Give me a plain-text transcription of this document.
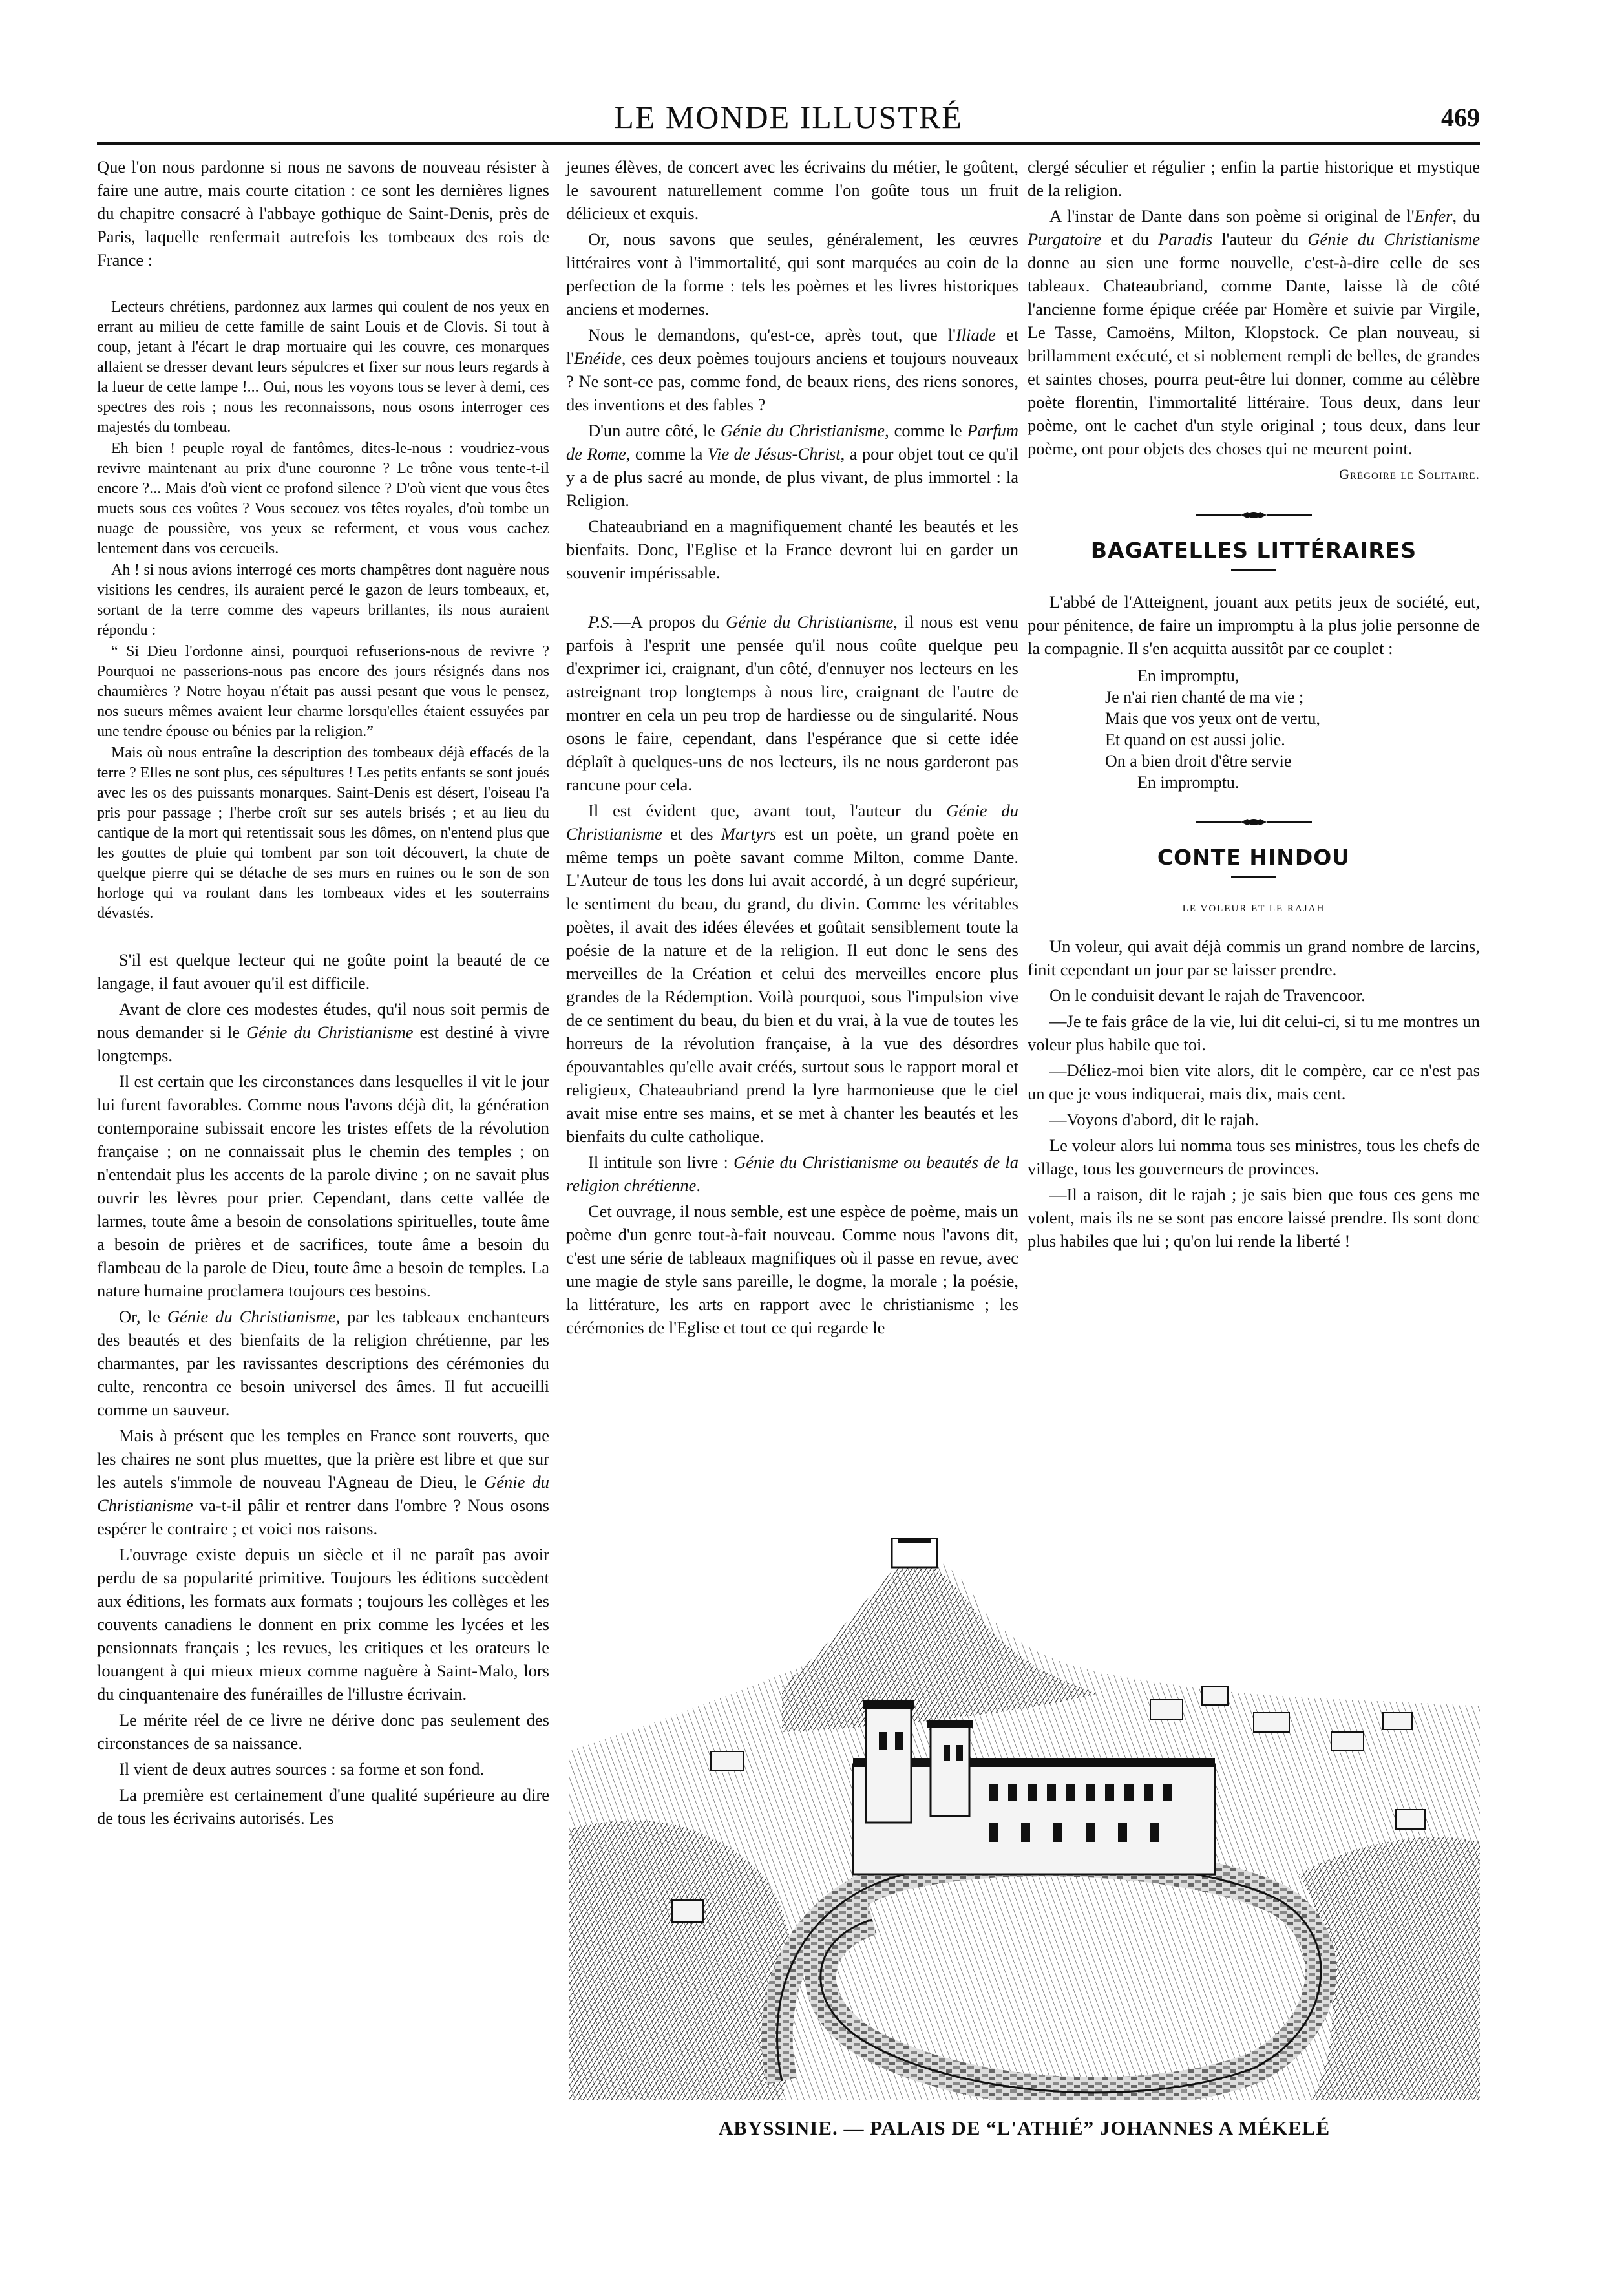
LE MONDE ILLUSTRÉ	469

Que l'on nous pardonne si nous ne savons de nouveau résister à faire une autre, mais courte citation : ce sont les dernières lignes du chapitre consacré à l'abbaye gothique de Saint-Denis, près de Paris, laquelle renfermait autrefois les tombeaux des rois de France :

Lecteurs chrétiens, pardonnez aux larmes qui coulent de nos yeux en errant au milieu de cette famille de saint Louis et de Clovis. Si tout à coup, jetant à l'écart le drap mortuaire qui les couvre, ces monarques allaient se dresser devant leurs sépulcres et fixer sur nous leurs regards à la lueur de cette lampe !... Oui, nous les voyons tous se lever à demi, ces spectres des rois ; nous les reconnaissons, nous osons interroger ces majestés du tombeau.

Eh bien ! peuple royal de fantômes, dites-le-nous : voudriez-vous revivre maintenant au prix d'une couronne ? Le trône vous tente-t-il encore ?... Mais d'où vient ce profond silence ? D'où vient que vous êtes muets sous ces voûtes ? Vous secouez vos têtes royales, d'où tombe un nuage de poussière, vos yeux se referment, et vous vous cachez lentement dans vos cercueils.

Ah ! si nous avions interrogé ces morts champêtres dont naguère nous visitions les cendres, ils auraient percé le gazon de leurs tombeaux, et, sortant de la terre comme des vapeurs brillantes, ils nous auraient répondu :

“ Si Dieu l'ordonne ainsi, pourquoi refuserions-nous de revivre ? Pourquoi ne passerions-nous pas encore des jours résignés dans nos chaumières ? Notre hoyau n'était pas aussi pesant que vous le pensez, nos sueurs mêmes avaient leur charme lorsqu'elles étaient essuyées par une tendre épouse ou bénies par la religion.”

Mais où nous entraîne la description des tombeaux déjà effacés de la terre ? Elles ne sont plus, ces sépultures ! Les petits enfants se sont joués avec les os des puissants monarques. Saint-Denis est désert, l'oiseau l'a pris pour passage ; l'herbe croît sur ses autels brisés ; et au lieu du cantique de la mort qui retentissait sous les dômes, on n'entend plus que les gouttes de pluie qui tombent par son toit découvert, la chute de quelque pierre qui se détache de ses murs en ruines ou le son de son horloge qui va roulant dans les tombeaux vides et les souterrains dévastés.

S'il est quelque lecteur qui ne goûte point la beauté de ce langage, il faut avouer qu'il est difficile.

Avant de clore ces modestes études, qu'il nous soit permis de nous demander si le Génie du Christianisme est destiné à vivre longtemps.

Il est certain que les circonstances dans lesquelles il vit le jour lui furent favorables. Comme nous l'avons déjà dit, la génération contemporaine subissait encore les tristes effets de la révolution française ; on ne connaissait plus le chemin des temples ; on n'entendait plus les accents de la parole divine ; on ne savait plus ouvrir les lèvres pour prier. Cependant, dans cette vallée de larmes, toute âme a besoin de consolations spirituelles, toute âme a besoin de prières et de sacrifices, toute âme a besoin du flambeau de la parole de Dieu, toute âme a besoin de temples. La nature humaine proclamera toujours ces besoins.

Or, le Génie du Christianisme, par les tableaux enchanteurs des beautés et des bienfaits de la religion chrétienne, par les charmantes, par les ravissantes descriptions des cérémonies du culte, rencontra ce besoin universel des âmes. Il fut accueilli comme un sauveur.

Mais à présent que les temples en France sont rouverts, que les chaires ne sont plus muettes, que la prière est libre et que sur les autels s'immole de nouveau l'Agneau de Dieu, le Génie du Christianisme va-t-il pâlir et rentrer dans l'ombre ? Nous osons espérer le contraire ; et voici nos raisons.

L'ouvrage existe depuis un siècle et il ne paraît pas avoir perdu de sa popularité primitive. Toujours les éditions succèdent aux éditions, les formats aux formats ; toujours les collèges et les couvents canadiens le donnent en prix comme les lycées et les pensionnats français ; les revues, les critiques et les orateurs le louangent à qui mieux mieux comme naguère à Saint-Malo, lors du cinquantenaire des funérailles de l'illustre écrivain.

Le mérite réel de ce livre ne dérive donc pas seulement des circonstances de sa naissance.

Il vient de deux autres sources : sa forme et son fond.

La première est certainement d'une qualité supérieure au dire de tous les écrivains autorisés. Les

jeunes élèves, de concert avec les écrivains du métier, le goûtent, le savourent naturellement comme l'on goûte tous un fruit délicieux et exquis.

Or, nous savons que seules, généralement, les œuvres littéraires vont à l'immortalité, qui sont marquées au coin de la perfection de la forme : tels les poèmes et les livres historiques anciens et modernes.

Nous le demandons, qu'est-ce, après tout, que l'Iliade et l'Enéide, ces deux poèmes toujours anciens et toujours nouveaux ? Ne sont-ce pas, comme fond, de beaux riens, des riens sonores, des inventions et des fables ?

D'un autre côté, le Génie du Christianisme, comme le Parfum de Rome, comme la Vie de Jésus-Christ, a pour objet tout ce qu'il y a de plus sacré au monde, de plus vivant, de plus immortel : la Religion.

Chateaubriand en a magnifiquement chanté les beautés et les bienfaits. Donc, l'Eglise et la France devront lui en garder un souvenir impérissable.

P.S.—A propos du Génie du Christianisme, il nous est venu parfois à l'esprit une pensée qu'il nous coûte quelque peu d'exprimer ici, craignant, d'un côté, d'ennuyer nos lecteurs en les astreignant trop longtemps à nous lire, craignant de l'autre de montrer en cela un peu trop de hardiesse ou de singularité. Nous osons le faire, cependant, dans l'espérance que si cette idée déplaît à quelques-uns de nos lecteurs, ils ne nous garderont pas rancune pour cela.

Il est évident que, avant tout, l'auteur du Génie du Christianisme et des Martyrs est un poète, un grand poète en même temps un poète savant comme Milton, comme Dante. L'Auteur de tous les dons lui avait accordé, à un degré supérieur, le sentiment du beau, du grand, du divin. Comme les véritables poètes, il avait des idées élevées et goûtait sensiblement toute la poésie de la nature et de la religion. Il eut donc le sens des merveilles de la Création et celui des merveilles encore plus grandes de la Rédemption. Voilà pourquoi, sous l'impulsion vive de ce sentiment du beau, du bien et du vrai, à la vue de toutes les horreurs de la révolution française, à la vue des désordres épouvantables qu'elle avait créés, surtout sous le rapport moral et religieux, Chateaubriand prend la lyre harmonieuse que le ciel avait mise entre ses mains, et se met à chanter les beautés et les bienfaits du culte catholique.

Il intitule son livre : Génie du Christianisme ou beautés de la religion chrétienne.

Cet ouvrage, il nous semble, est une espèce de poème, mais un poème d'un genre tout-à-fait nouveau. Comme nous l'avons dit, c'est une série de tableaux magnifiques où il passe en revue, avec une magie de style sans pareille, le dogme, la morale ; la poésie, la littérature, les arts en rapport avec le christianisme ; les cérémonies de l'Eglise et tout ce qui regarde le

clergé séculier et régulier ; enfin la partie historique et mystique de la religion.

A l'instar de Dante dans son poème si original de l'Enfer, du Purgatoire et du Paradis l'auteur du Génie du Christianisme donne au sien une forme nouvelle, c'est-à-dire celle de ses tableaux. Chateaubriand, comme Dante, laisse là de côté l'ancienne forme épique créée par Homère et suivie par Virgile, Le Tasse, Camoëns, Milton, Klopstock. Ce plan nouveau, si brillamment exécuté, et si noblement rempli de belles, de grandes et saintes choses, pourra peut-être lui donner, comme au célèbre poète florentin, l'immortalité littéraire. Tous deux, dans leur poème, ont le cachet d'un style original ; tous deux, dans leur poème, ont pour objets des choses qui ne meurent point.

Grégoire le Solitaire.

BAGATELLES LITTÉRAIRES

L'abbé de l'Atteignent, jouant aux petits jeux de société, eut, pour pénitence, de faire un impromptu à la plus jolie personne de la compagnie. Il s'en acquitta aussitôt par ce couplet :

En impromptu,
Je n'ai rien chanté de ma vie ;
Mais que vos yeux ont de vertu,
Et quand on est aussi jolie.
On a bien droit d'être servie
En impromptu.
CONTE HINDOU
LE VOLEUR ET LE RAJAH

Un voleur, qui avait déjà commis un grand nombre de larcins, finit cependant un jour par se laisser prendre.

On le conduisit devant le rajah de Travencoor.

—Je te fais grâce de la vie, lui dit celui-ci, si tu me montres un voleur plus habile que toi.

—Déliez-moi bien vite alors, dit le compère, car ce n'est pas un que je vous indiquerai, mais dix, mais cent.

—Voyons d'abord, dit le rajah.

Le voleur alors lui nomma tous ses ministres, tous les chefs de village, tous les gouverneurs de provinces.

—Il a raison, dit le rajah ; je sais bien que tous ces gens me volent, mais ils ne se sont pas encore laissé prendre. Ils sont donc plus habiles que lui ; qu'on lui rende la liberté !

ABYSSINIE. — PALAIS DE “L'ATHIÉ” JOHANNES A MÉKELÉ
